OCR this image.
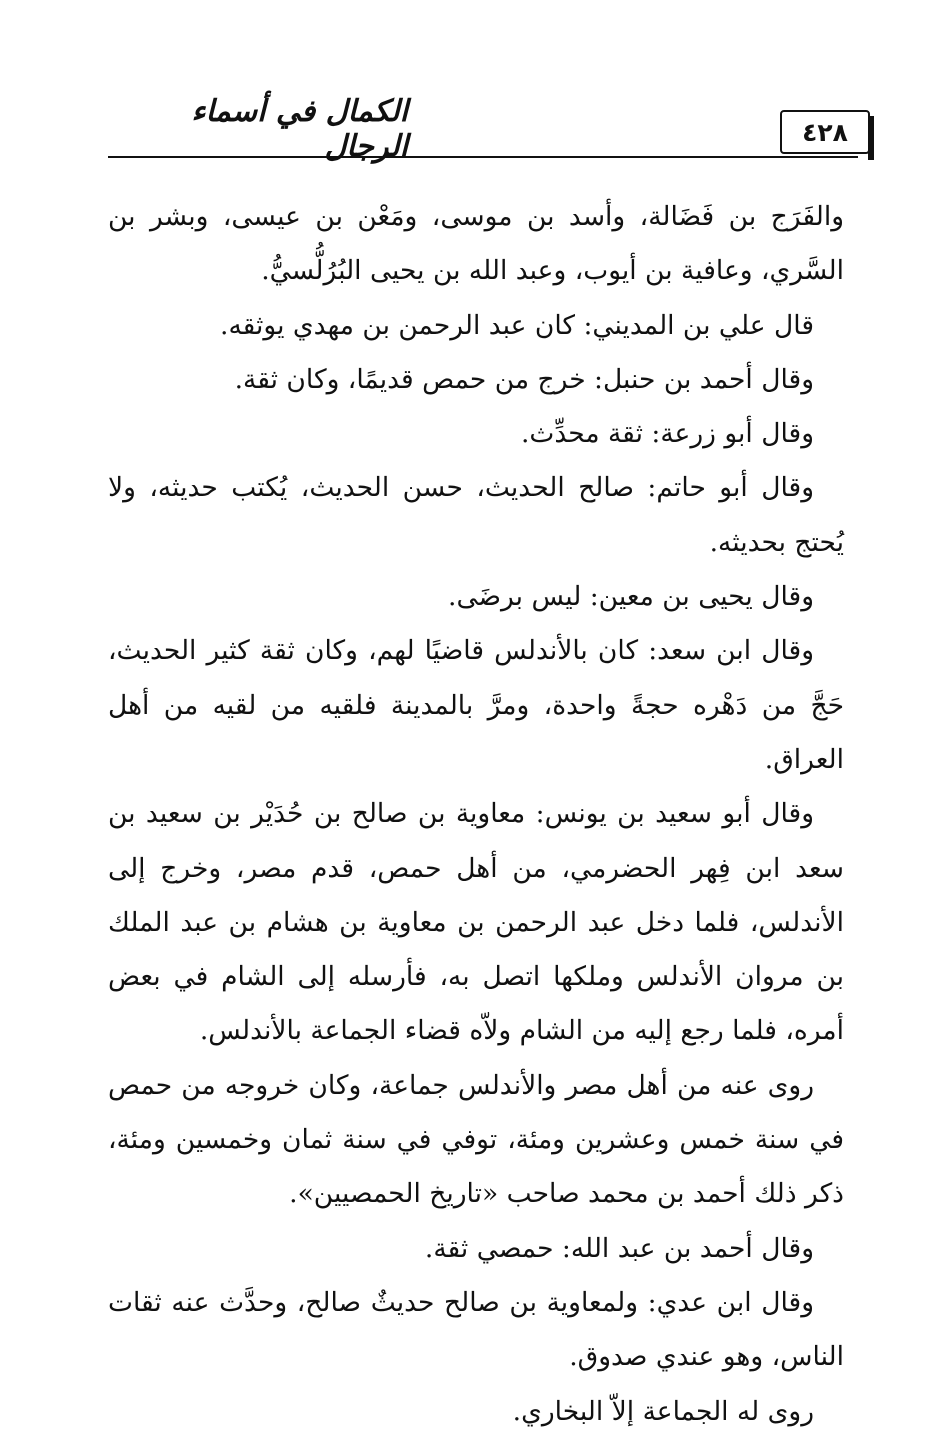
الكمال في أسماء الرجال	٤٢٨

والفَرَج بن فَضَالة، وأسد بن موسى، ومَعْن بن عيسى، وبشر بن السَّري، وعافية بن أيوب، وعبد الله بن يحيى البُرُلُّسيُّ.

قال علي بن المديني: كان عبد الرحمن بن مهدي يوثقه.

وقال أحمد بن حنبل: خرج من حمص قديمًا، وكان ثقة.

وقال أبو زرعة: ثقة محدِّث.

وقال أبو حاتم: صالح الحديث، حسن الحديث، يُكتب حديثه، ولا يُحتج بحديثه.

وقال يحيى بن معين: ليس برضَى.

وقال ابن سعد: كان بالأندلس قاضيًا لهم، وكان ثقة كثير الحديث، حَجَّ من دَهْره حجةً واحدة، ومرَّ بالمدينة فلقيه من لقيه من أهل العراق.

وقال أبو سعيد بن يونس: معاوية بن صالح بن حُدَيْر بن سعيد بن سعد ابن فِهر الحضرمي، من أهل حمص، قدم مصر، وخرج إلى الأندلس، فلما دخل عبد الرحمن بن معاوية بن هشام بن عبد الملك بن مروان الأندلس وملكها اتصل به، فأرسله إلى الشام في بعض أمره، فلما رجع إليه من الشام ولاّه قضاء الجماعة بالأندلس.

روى عنه من أهل مصر والأندلس جماعة، وكان خروجه من حمص في سنة خمس وعشرين ومئة، توفي في سنة ثمان وخمسين ومئة، ذكر ذلك أحمد بن محمد صاحب «تاريخ الحمصيين».

وقال أحمد بن عبد الله: حمصي ثقة.

وقال ابن عدي: ولمعاوية بن صالح حديثٌ صالح، وحدَّث عنه ثقات الناس، وهو عندي صدوق.

روى له الجماعة إلاّ البخاري.
